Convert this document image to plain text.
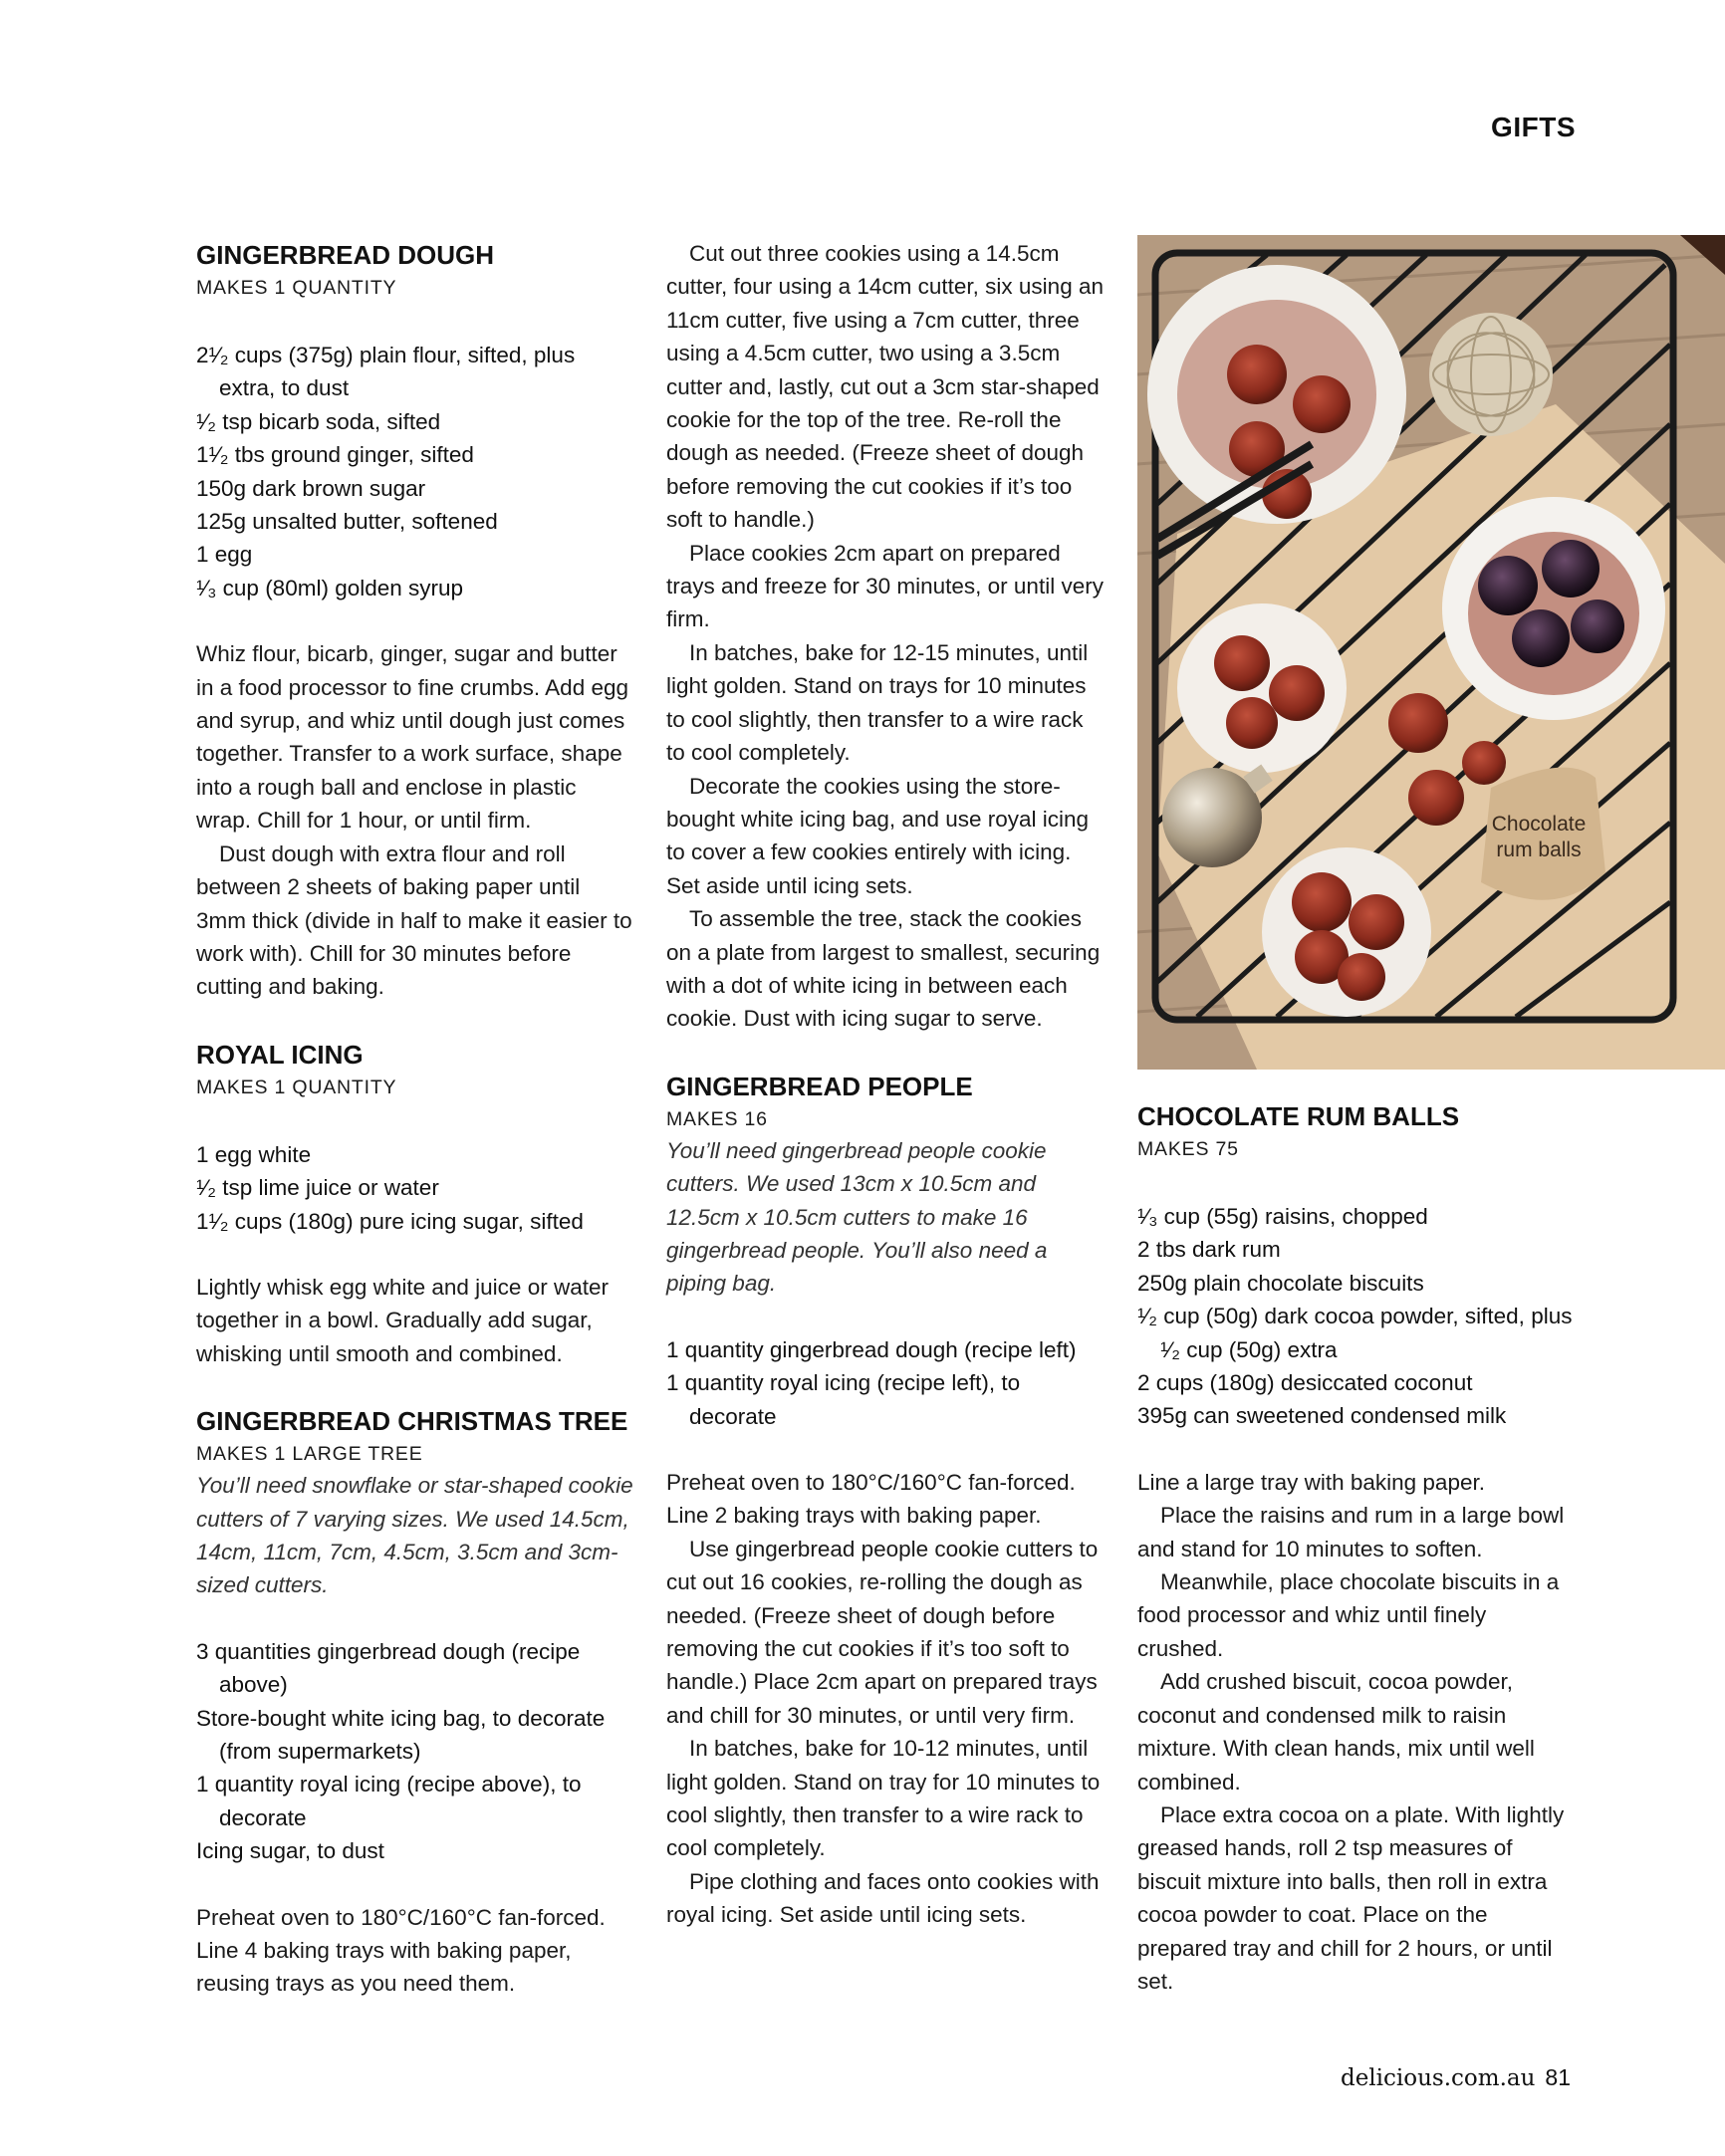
GIFTS
GINGERBREAD DOUGH
MAKES 1 QUANTITY
2¹⁄₂ cups (375g) plain flour, sifted, plus extra, to dust
¹⁄₂ tsp bicarb soda, sifted
1¹⁄₂ tbs ground ginger, sifted
150g dark brown sugar
125g unsalted butter, softened
1 egg
¹⁄₃ cup (80ml) golden syrup
Whiz flour, bicarb, ginger, sugar and butter in a food processor to fine crumbs. Add egg and syrup, and whiz until dough just comes together. Transfer to a work surface, shape into a rough ball and enclose in plastic wrap. Chill for 1 hour, or until firm.
Dust dough with extra flour and roll between 2 sheets of baking paper until 3mm thick (divide in half to make it easier to work with). Chill for 30 minutes before cutting and baking.
ROYAL ICING
MAKES 1 QUANTITY
1 egg white
¹⁄₂ tsp lime juice or water
1¹⁄₂ cups (180g) pure icing sugar, sifted
Lightly whisk egg white and juice or water together in a bowl. Gradually add sugar, whisking until smooth and combined.
GINGERBREAD CHRISTMAS TREE
MAKES 1 LARGE TREE
You’ll need snowflake or star-shaped cookie cutters of 7 varying sizes. We used 14.5cm, 14cm, 11cm, 7cm, 4.5cm, 3.5cm and 3cm-sized cutters.
3 quantities gingerbread dough (recipe above)
Store-bought white icing bag, to decorate (from supermarkets)
1 quantity royal icing (recipe above), to decorate
Icing sugar, to dust
Preheat oven to 180°C/160°C fan-forced. Line 4 baking trays with baking paper, reusing trays as you need them.
Cut out three cookies using a 14.5cm cutter, four using a 14cm cutter, six using an 11cm cutter, five using a 7cm cutter, three using a 4.5cm cutter, two using a 3.5cm cutter and, lastly, cut out a 3cm star-shaped cookie for the top of the tree. Re-roll the dough as needed. (Freeze sheet of dough before removing the cut cookies if it’s too soft to handle.)
Place cookies 2cm apart on prepared trays and freeze for 30 minutes, or until very firm.
In batches, bake for 12-15 minutes, until light golden. Stand on trays for 10 minutes to cool slightly, then transfer to a wire rack to cool completely.
Decorate the cookies using the store-bought white icing bag, and use royal icing to cover a few cookies entirely with icing. Set aside until icing sets.
To assemble the tree, stack the cookies on a plate from largest to smallest, securing with a dot of white icing in between each cookie. Dust with icing sugar to serve.
GINGERBREAD PEOPLE
MAKES 16
You’ll need gingerbread people cookie cutters. We used 13cm x 10.5cm and 12.5cm x 10.5cm cutters to make 16 gingerbread people. You’ll also need a piping bag.
1 quantity gingerbread dough (recipe left)
1 quantity royal icing (recipe left), to decorate
Preheat oven to 180°C/160°C fan-forced. Line 2 baking trays with baking paper.
Use gingerbread people cookie cutters to cut out 16 cookies, re-rolling the dough as needed. (Freeze sheet of dough before removing the cut cookies if it’s too soft to handle.) Place 2cm apart on prepared trays and chill for 30 minutes, or until very firm.
In batches, bake for 10-12 minutes, until light golden. Stand on tray for 10 minutes to cool slightly, then transfer to a wire rack to cool completely.
Pipe clothing and faces onto cookies with royal icing. Set aside until icing sets.
Chocolate
rum balls
CHOCOLATE RUM BALLS
MAKES 75
¹⁄₃ cup (55g) raisins, chopped
2 tbs dark rum
250g plain chocolate biscuits
¹⁄₂ cup (50g) dark cocoa powder, sifted, plus ¹⁄₂ cup (50g) extra
2 cups (180g) desiccated coconut
395g can sweetened condensed milk
Line a large tray with baking paper.
Place the raisins and rum in a large bowl and stand for 10 minutes to soften.
Meanwhile, place chocolate biscuits in a food processor and whiz until finely crushed.
Add crushed biscuit, cocoa powder, coconut and condensed milk to raisin mixture. With clean hands, mix until well combined.
Place extra cocoa on a plate. With lightly greased hands, roll 2 tsp measures of biscuit mixture into balls, then roll in extra cocoa powder to coat. Place on the prepared tray and chill for 2 hours, or until set.
delicious.com.au 81
